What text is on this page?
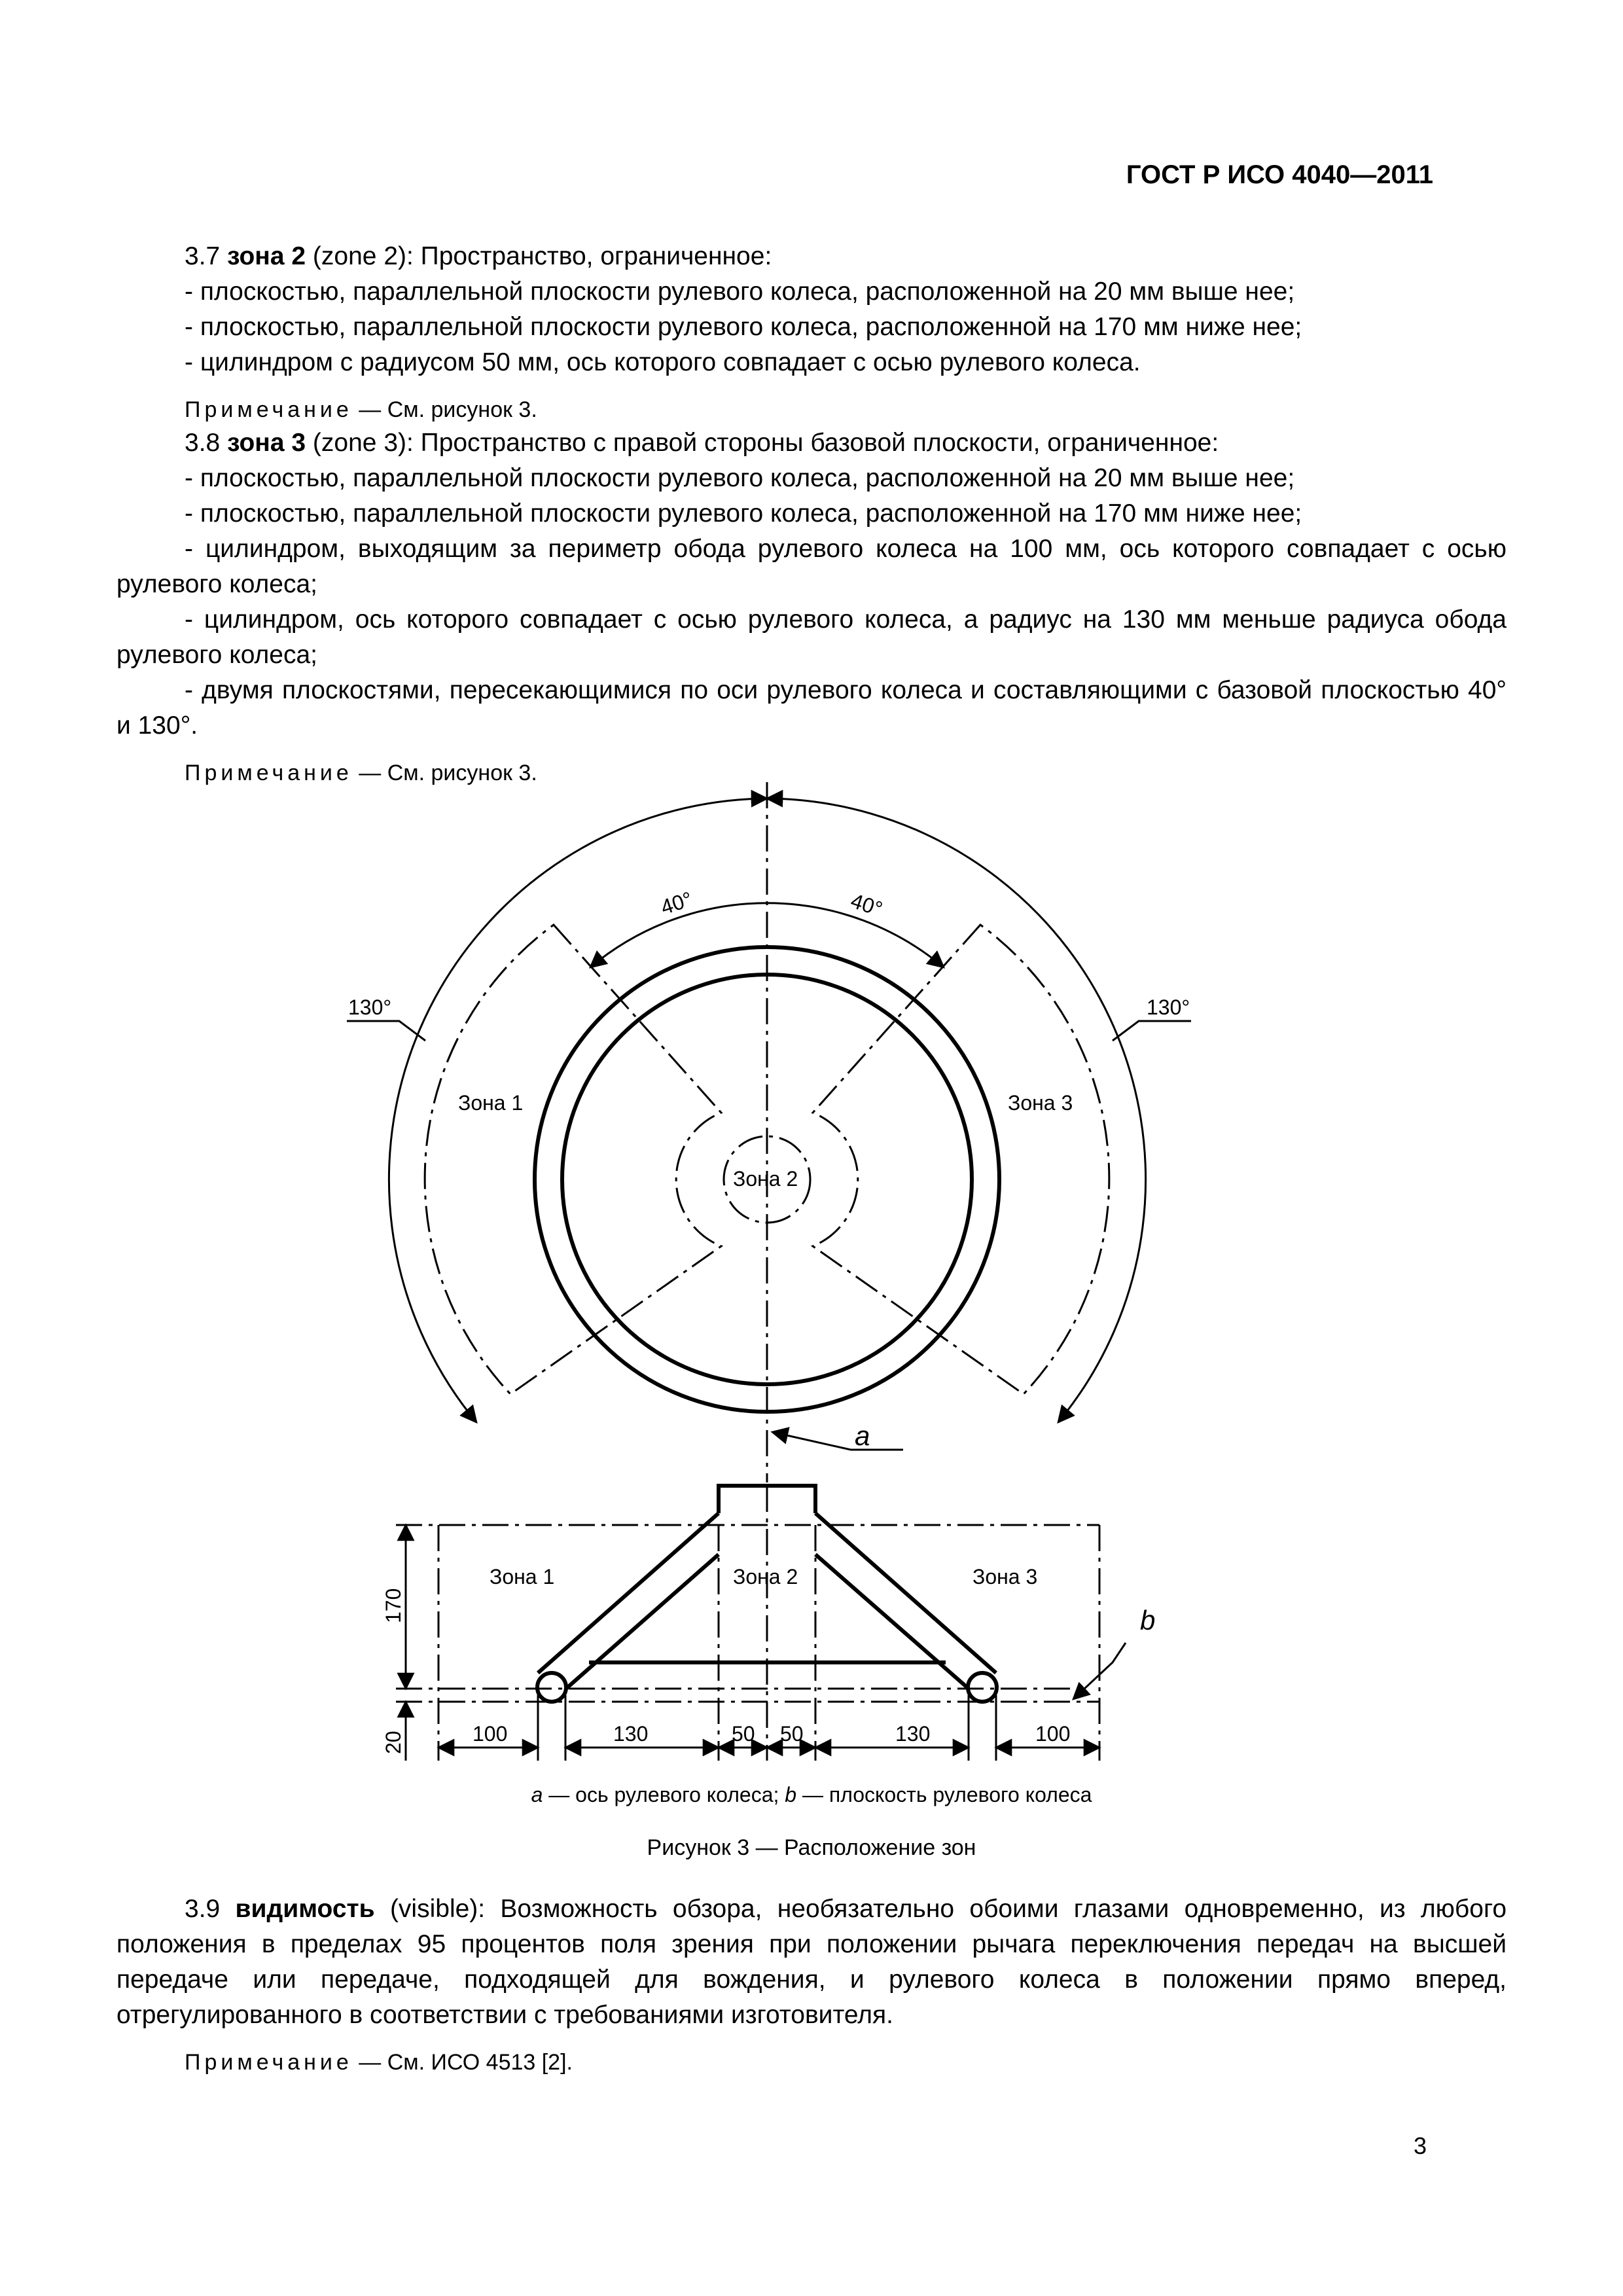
ГОСТ Р ИСО 4040—2011

3.7 зона 2 (zone 2): Пространство, ограниченное:

- плоскостью, параллельной плоскости рулевого колеса, расположенной на 20 мм выше нее;

- плоскостью, параллельной плоскости рулевого колеса, расположенной на 170 мм ниже нее;

- цилиндром с радиусом 50 мм, ось которого совпадает с осью рулевого колеса.

Примечание — См. рисунок 3.

3.8 зона 3 (zone 3): Пространство с правой стороны базовой плоскости, ограниченное:

- плоскостью, параллельной плоскости рулевого колеса, расположенной на 20 мм выше нее;

- плоскостью, параллельной плоскости рулевого колеса, расположенной на 170 мм ниже нее;

- цилиндром, выходящим за периметр обода рулевого колеса на 100 мм, ось которого совпадает с осью рулевого колеса;

- цилиндром, ось которого совпадает с осью рулевого колеса, а радиус на 130 мм меньше радиуса обода рулевого колеса;

- двумя плоскостями, пересекающимися по оси рулевого колеса и составляющими с базовой плоскостью 40° и 130°.

Примечание — См. рисунок 3.

40°	40°
130°	130°
Зона 1
Зона 2
Зона 3
a
Зона 1	Зона 2	Зона 3
170
20	100	130	50 50	130	100
b
a — ось рулевого колеса; b — плоскость рулевого колеса
Рисунок 3 — Расположение зон

3.9 видимость (visible): Возможность обзора, необязательно обоими глазами одновременно, из любого положения в пределах 95 процентов поля зрения при положении рычага переключения передач на высшей передаче или передаче, подходящей для вождения, и рулевого колеса в положении прямо вперед, отрегулированного в соответствии с требованиями изготовителя.

Примечание — См. ИСО 4513 [2].

3
